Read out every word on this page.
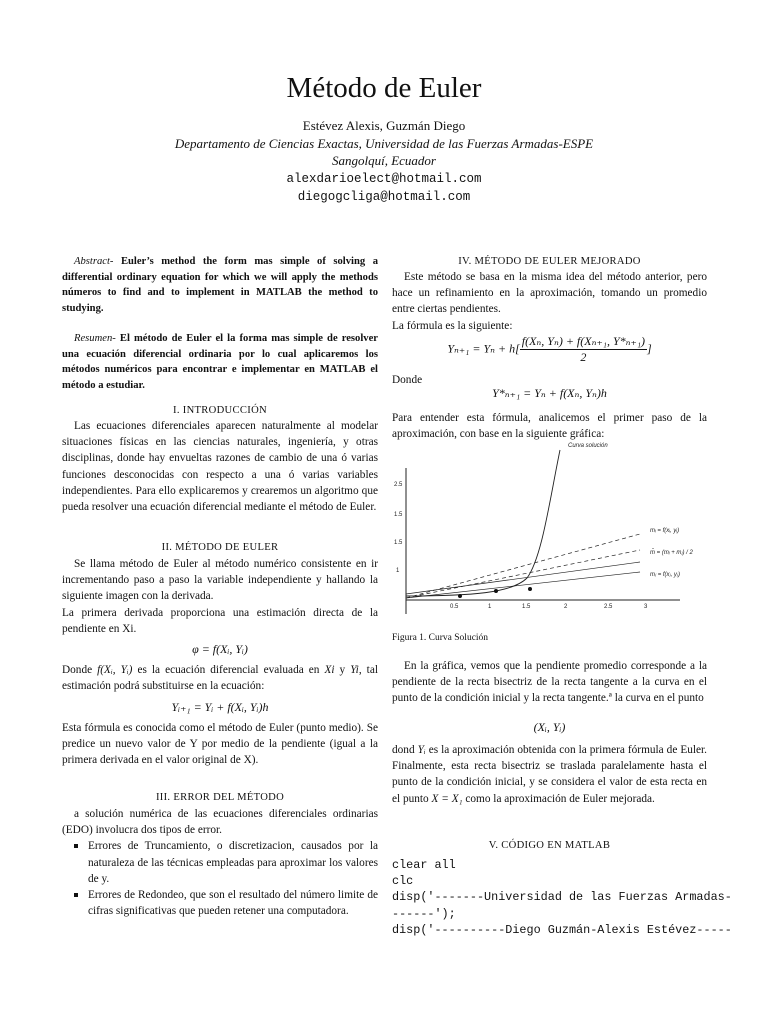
Método de Euler
Estévez Alexis, Guzmán Diego
Departamento de Ciencias Exactas, Universidad de las Fuerzas Armadas-ESPE
Sangolquí, Ecuador
alexdarioelect@hotmail.com
diegogcliga@hotmail.com

Abstract- Euler’s method the form mas simple of solving a differential ordinary equation for which we will apply the methods números to find and to implement in MATLAB the method to studying.

Resumen- El método de Euler el la forma mas simple de resolver una ecuación diferencial ordinaria por lo cual aplicaremos los métodos numéricos para encontrar e implementar en MATLAB el método a estudiar.

I. INTRODUCCIÓN

Las ecuaciones diferenciales aparecen naturalmente al modelar situaciones físicas en las ciencias naturales, ingeniería, y otras disciplinas, donde hay envueltas razones de cambio de una ó varias funciones desconocidas con respecto a una ó varias variables independientes. Para ello explicaremos y crearemos un algoritmo que pueda resolver una ecuación diferencial mediante el método de Euler.

II. MÉTODO DE EULER

Se llama método de Euler al método numérico consistente en ir incrementando paso a paso la variable independiente y hallando la siguiente imagen con la derivada.

La primera derivada proporciona una estimación directa de la pendiente en Xi.

φ = f(Xᵢ, Yᵢ)

Donde f(Xᵢ, Yᵢ) es la ecuación diferencial evaluada en Xi y Yi, tal estimación podrá substituirse en la ecuación:

Yᵢ₊₁ = Yᵢ + f(Xᵢ, Yᵢ)h

Esta fórmula es conocida como el método de Euler (punto medio). Se predice un nuevo valor de Y por medio de la pendiente (igual a la primera derivada en el valor original de X).

III. ERROR DEL MÉTODO

a solución numérica de las ecuaciones diferenciales ordinarias (EDO) involucra dos tipos de error.

Errores de Truncamiento, o discretizacion, causados por la naturaleza de las técnicas empleadas para aproximar los valores de y.
Errores de Redondeo, que son el resultado del número limite de cifras significativas que pueden retener una computadora.
IV. MÉTODO DE EULER MEJORADO

Este método se basa en la misma idea del método anterior, pero hace un refinamiento en la aproximación, tomando un promedio entre ciertas pendientes.

La fórmula es la siguiente:

$Y_{n+1} = Y_n + h[ \frac{\text{f(Xₙ, Yₙ) + f(Xₙ₊₁, Y*ₙ₊₁)}}{2}$ ]
Donde
Y*ₙ₊₁ = Yₙ + f(Xₙ, Yₙ)h
Para entender esta fórmula, analicemos el primer paso de la aproximación, con base en la siguiente gráfica:
2.5
1.5
1.5
1
0.5	1	1.5	2	2.5	3
Curva solución
mᵢ = f(xᵢ, yᵢ)
m̄ = (mᵢ + mⱼ) / 2
mⱼ = f(xⱼ, yⱼ)
Figura 1. Curva Solución

En la gráfica, vemos que la pendiente promedio corresponde a la pendiente de la recta bisectriz de la recta tangente a la curva en el punto de la condición inicial y la recta tangente.ª la curva en el punto

(Xᵢ, Yᵢ)

dond Yᵢ es la aproximación obtenida con la primera fórmula de Euler. Finalmente, esta recta bisectriz se traslada paralelamente hasta el punto de la condición inicial, y se considera el valor de esta recta en el punto X = X₁ como la aproximación de Euler mejorada.

V. CÓDIGO EN MATLAB
clear all
clc
disp('-------Universidad de las Fuerzas Armadas-
------');
disp('----------Diego Guzmán-Alexis Estévez-----
